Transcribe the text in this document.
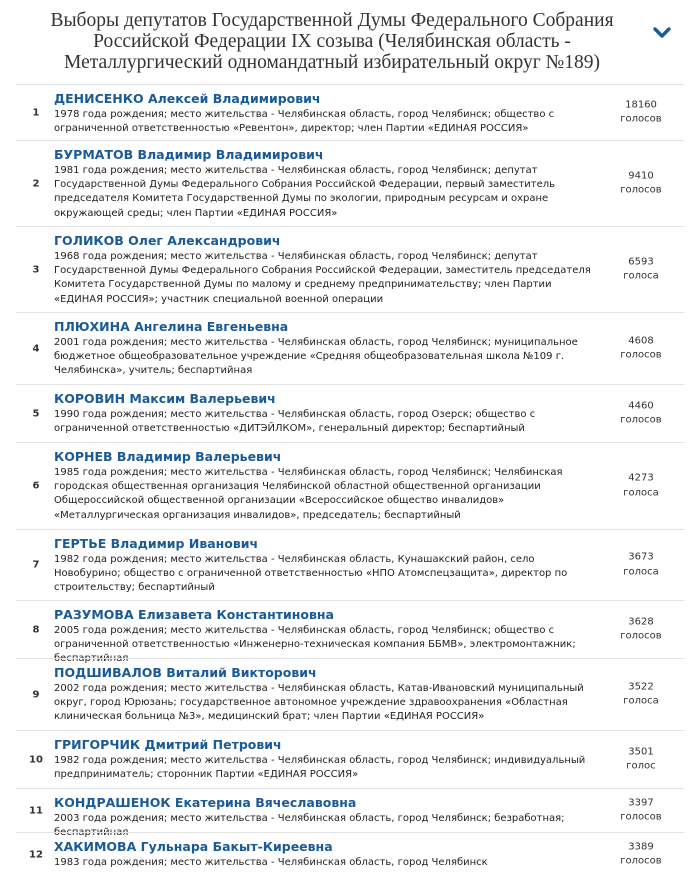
Выборы депутатов Государственной Думы Федерального Собрания Российской Федерации IX созыва (Челябинская область - Металлургический одномандатный избирательный округ №189)
1
ДЕНИСЕНКО Алексей Владимирович
1978 года рождения; место жительства - Челябинская область, город Челябинск; общество с ограниченной ответственностью «Ревентон», директор; член Партии «ЕДИНАЯ РОССИЯ»
18160
голосов
2
БУРМАТОВ Владимир Владимирович
1981 года рождения; место жительства - Челябинская область, город Челябинск; депутат Государственной Думы Федерального Собрания Российской Федерации, первый заместитель председателя Комитета Государственной Думы по экологии, природным ресурсам и охране окружающей среды; член Партии «ЕДИНАЯ РОССИЯ»
9410
голосов
3
ГОЛИКОВ Олег Александрович
1968 года рождения; место жительства - Челябинская область, город Челябинск; депутат Государственной Думы Федерального Собрания Российской Федерации, заместитель председателя Комитета Государственной Думы по малому и среднему предпринимательству; член Партии «ЕДИНАЯ РОССИЯ»; участник специальной военной операции
6593
голоса
4
ПЛЮХИНА Ангелина Евгеньевна
2001 года рождения; место жительства - Челябинская область, город Челябинск; муниципальное бюджетное общеобразовательное учреждение «Средняя общеобразовательная школа №109 г. Челябинска», учитель; беспартийная
4608
голосов
5
КОРОВИН Максим Валерьевич
1990 года рождения; место жительства - Челябинская область, город Озерск; общество с ограниченной ответственностью «ДИТЭЙЛКОМ», генеральный директор; беспартийный
4460
голосов
6
КОРНЕВ Владимир Валерьевич
1985 года рождения; место жительства - Челябинская область, город Челябинск; Челябинская городская общественная организация Челябинской областной общественной организации Общероссийской общественной организации «Всероссийское общество инвалидов» «Металлургическая организация инвалидов», председатель; беспартийный
4273
голоса
7
ГЕРТЬЕ Владимир Иванович
1982 года рождения; место жительства - Челябинская область, Кунашакский район, село Новобурино; общество с ограниченной ответственностью «НПО Атомспецзащита», директор по строительству; беспартийный
3673
голоса
8
РАЗУМОВА Елизавета Константиновна
2005 года рождения; место жительства - Челябинская область, город Челябинск; общество с ограниченной ответственностью «Инженерно-техническая компания ББМВ», электромонтажник; беспартийная
3628
голосов
9
ПОДШИВАЛОВ Виталий Викторович
2002 года рождения; место жительства - Челябинская область, Катав-Ивановский муниципальный округ, город Юрюзань; государственное автономное учреждение здравоохранения «Областная клиническая больница №3», медицинский брат; член Партии «ЕДИНАЯ РОССИЯ»
3522
голоса
10
ГРИГОРЧИК Дмитрий Петрович
1982 года рождения; место жительства - Челябинская область, город Челябинск; индивидуальный предприниматель; сторонник Партии «ЕДИНАЯ РОССИЯ»
3501
голос
11
КОНДРАШЕНОК Екатерина Вячеславовна
2003 года рождения; место жительства - Челябинская область, город Челябинск; безработная; беспартийная
3397
голосов
12
ХАКИМОВА Гульнара Бакыт-Киреевна
1983 года рождения; место жительства - Челябинская область, город Челябинск
3389
голосов
